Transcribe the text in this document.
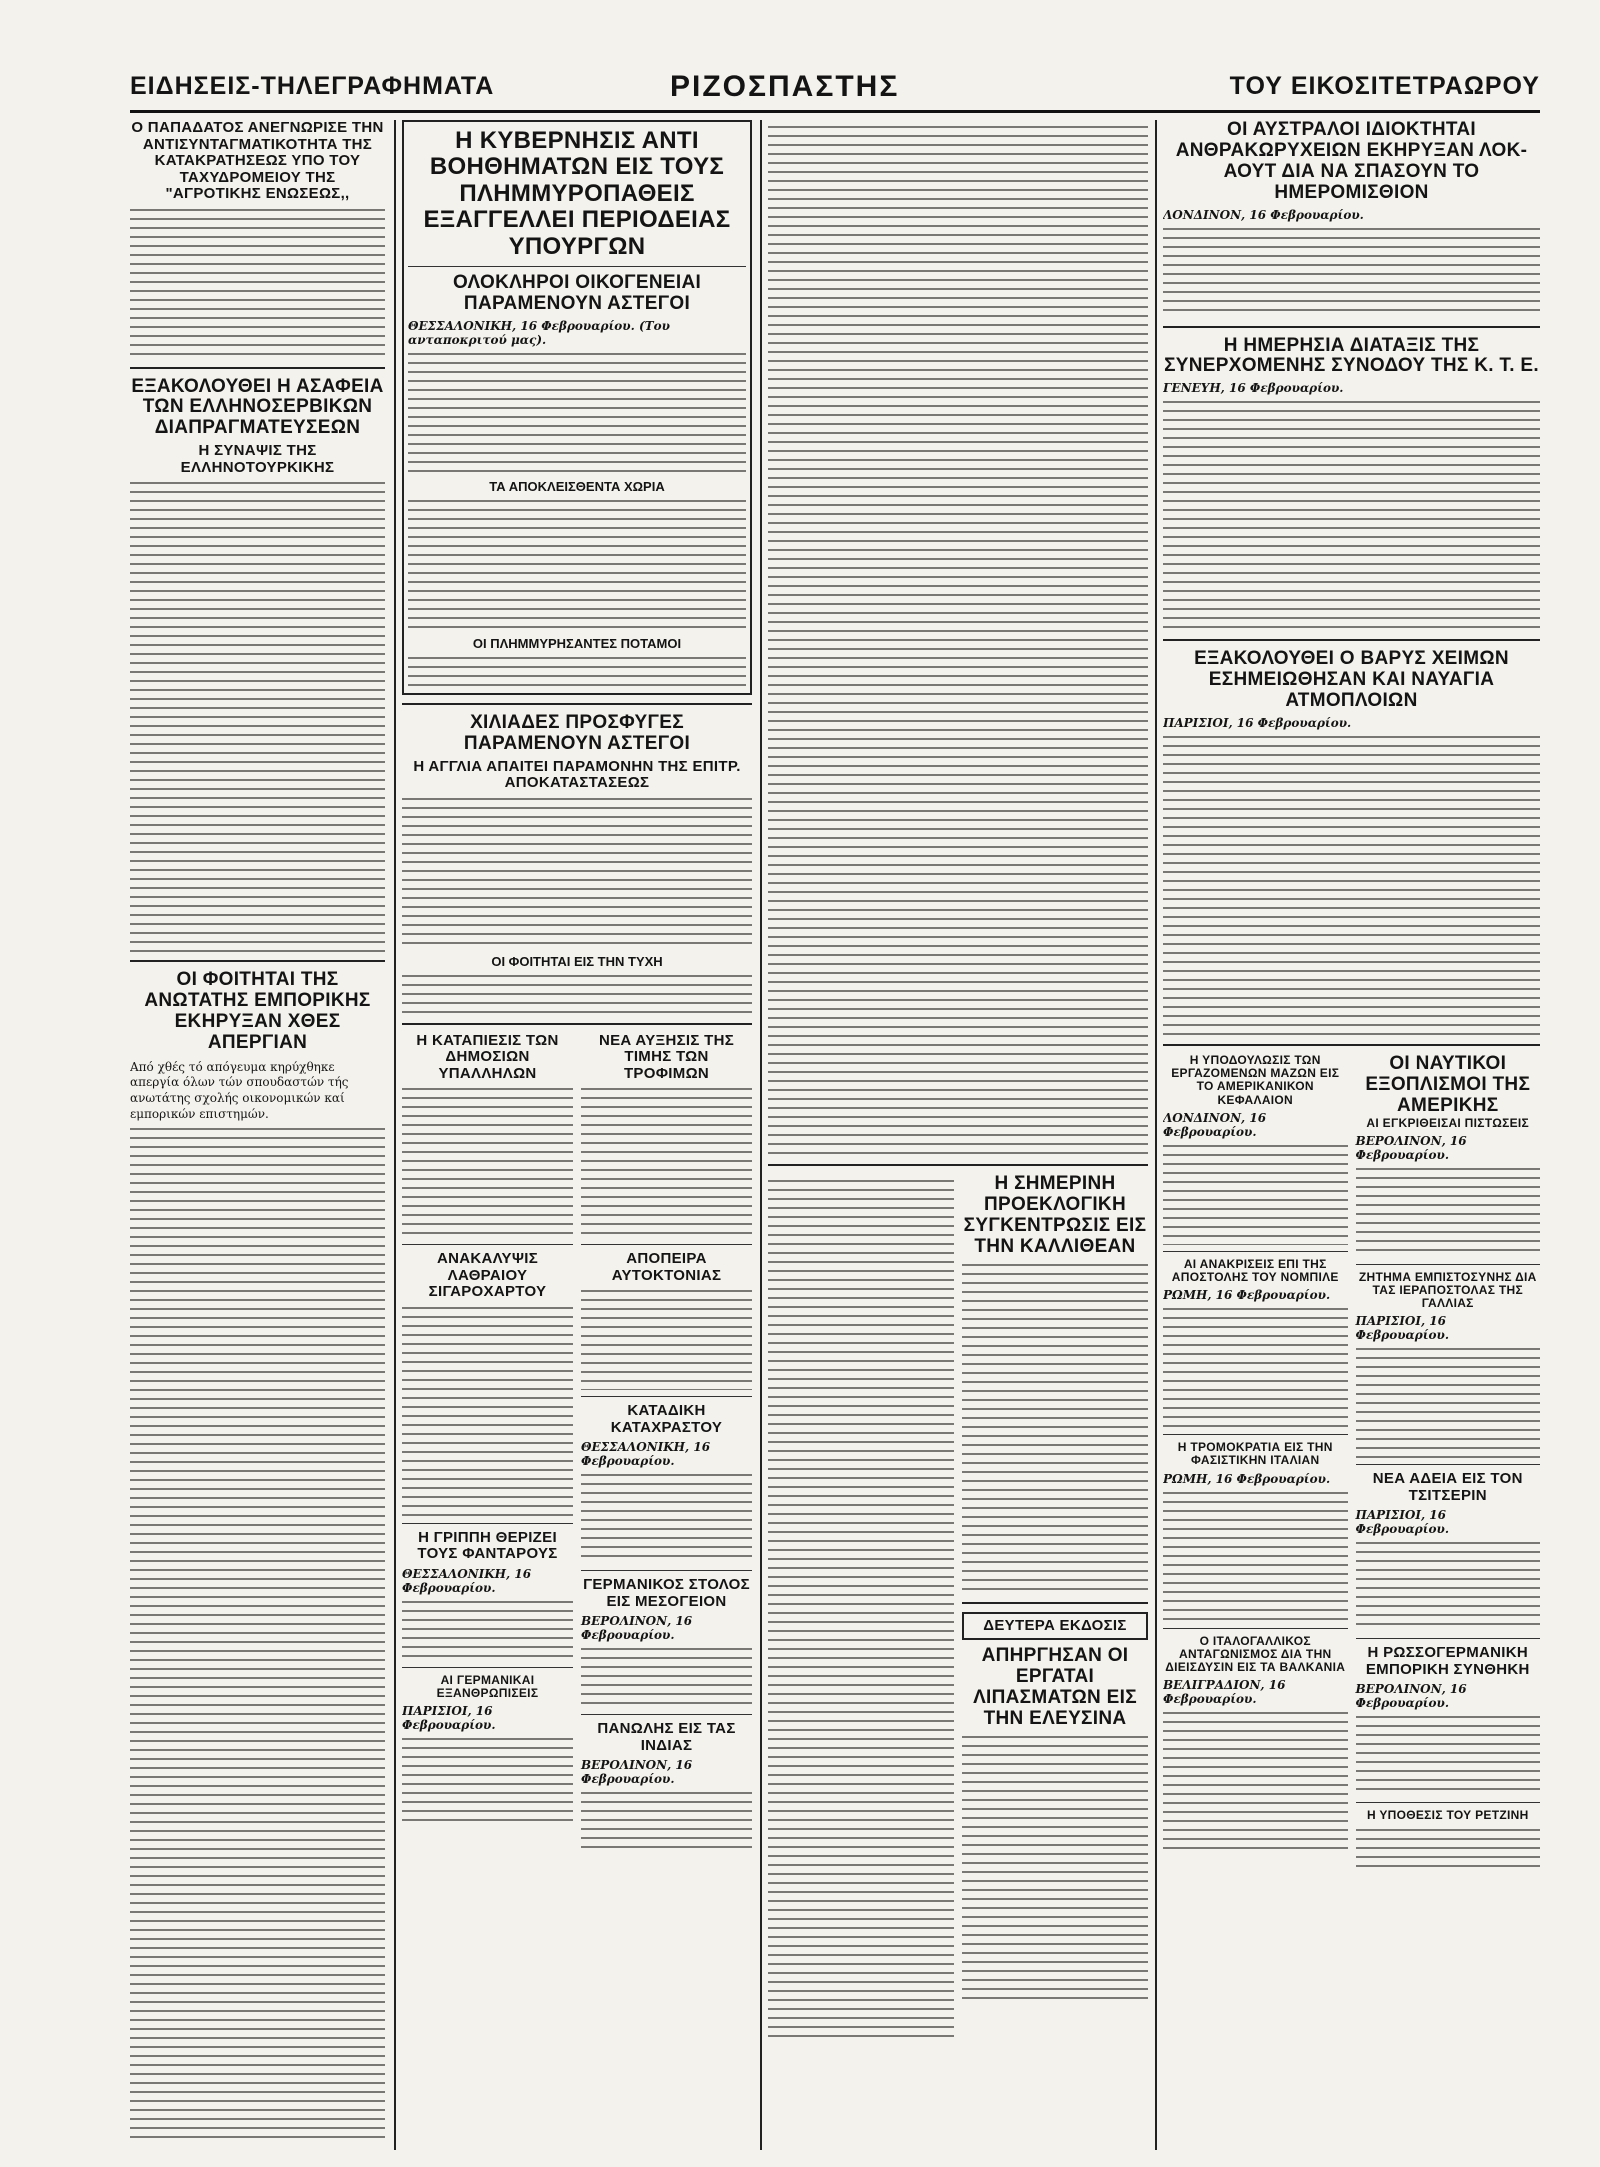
ΕΙΔΗΣΕΙΣ-ΤΗΛΕΓΡΑΦΗΜΑΤΑ	ΡΙΖΟΣΠΑΣΤΗΣ	ΤΟΥ ΕΙΚΟΣΙΤΕΤΡΑΩΡΟΥ

Ο ΠΑΠΑΔΑΤΟΣ ΑΝΕΓΝΩΡΙΣΕ ΤΗΝ ΑΝΤΙΣΥΝΤΑΓΜΑΤΙΚΟΤΗΤΑ ΤΗΣ ΚΑΤΑΚΡΑΤΗΣΕΩΣ ΥΠΟ ΤΟΥ ΤΑΧΥΔΡΟΜΕΙΟΥ ΤΗΣ "ΑΓΡΟΤΙΚΗΣ ΕΝΩΣΕΩΣ,,

ΕΞΑΚΟΛΟΥΘΕΙ Η ΑΣΑΦΕΙΑ ΤΩΝ ΕΛΛΗΝΟΣΕΡΒΙΚΩΝ ΔΙΑΠΡΑΓΜΑΤΕΥΣΕΩΝ

Η ΣΥΝΑΨΙΣ ΤΗΣ ΕΛΛΗΝΟΤΟΥΡΚΙΚΗΣ

ΟΙ ΦΟΙΤΗΤΑΙ ΤΗΣ ΑΝΩΤΑΤΗΣ ΕΜΠΟΡΙΚΗΣ ΕΚΗΡΥΞΑΝ ΧΘΕΣ ΑΠΕΡΓΙΑΝ

Από χθές τό απόγευμα κηρύχθηκε απεργία όλων τών σπουδαστών τής ανωτάτης σχολής οικονομικών καί εμπορικών επιστημών.

Η ΚΥΒΕΡΝΗΣΙΣ ΑΝΤΙ ΒΟΗΘΗΜΑΤΩΝ ΕΙΣ ΤΟΥΣ ΠΛΗΜΜΥΡΟΠΑΘΕΙΣ ΕΞΑΓΓΕΛΛΕΙ ΠΕΡΙΟΔΕΙΑΣ ΥΠΟΥΡΓΩΝ

ΟΛΟΚΛΗΡΟΙ ΟΙΚΟΓΕΝΕΙΑΙ ΠΑΡΑΜΕΝΟΥΝ ΑΣΤΕΓΟΙ

ΘΕΣΣΑΛΟΝΙΚΗ, 16 Φεβρουαρίου. (Του ανταποκριτού μας).
ΤΑ ΑΠΟΚΛΕΙΣΘΕΝΤΑ ΧΩΡΙΑ
ΟΙ ΠΛΗΜΜΥΡΗΣΑΝΤΕΣ ΠΟΤΑΜΟΙ

ΧΙΛΙΑΔΕΣ ΠΡΟΣΦΥΓΕΣ ΠΑΡΑΜΕΝΟΥΝ ΑΣΤΕΓΟΙ

Η ΑΓΓΛΙΑ ΑΠΑΙΤΕΙ ΠΑΡΑΜΟΝΗΝ ΤΗΣ ΕΠΙΤΡ. ΑΠΟΚΑΤΑΣΤΑΣΕΩΣ

ΟΙ ΦΟΙΤΗΤΑΙ ΕΙΣ ΤΗΝ ΤΥΧΗ

Η ΚΑΤΑΠΙΕΣΙΣ ΤΩΝ ΔΗΜΟΣΙΩΝ ΥΠΑΛΛΗΛΩΝ

ΑΝΑΚΑΛΥΨΙΣ ΛΑΘΡΑΙΟΥ ΣΙΓΑΡΟΧΑΡΤΟΥ

Η ΓΡΙΠΠΗ ΘΕΡΙΖΕΙ ΤΟΥΣ ΦΑΝΤΑΡΟΥΣ

ΘΕΣΣΑΛΟΝΙΚΗ, 16 Φεβρουαρίου.

ΑΙ ΓΕΡΜΑΝΙΚΑΙ ΕΞΑΝΘΡΩΠΙΣΕΙΣ

ΠΑΡΙΣΙΟΙ, 16 Φεβρουαρίου.

ΝΕΑ ΑΥΞΗΣΙΣ ΤΗΣ ΤΙΜΗΣ ΤΩΝ ΤΡΟΦΙΜΩΝ

ΑΠΟΠΕΙΡΑ ΑΥΤΟΚΤΟΝΙΑΣ

ΚΑΤΑΔΙΚΗ ΚΑΤΑΧΡΑΣΤΟΥ

ΘΕΣΣΑΛΟΝΙΚΗ, 16 Φεβρουαρίου.

ΓΕΡΜΑΝΙΚΟΣ ΣΤΟΛΟΣ ΕΙΣ ΜΕΣΟΓΕΙΟΝ

ΒΕΡΟΛΙΝΟΝ, 16 Φεβρουαρίου.

ΠΑΝΩΛΗΣ ΕΙΣ ΤΑΣ ΙΝΔΙΑΣ

ΒΕΡΟΛΙΝΟΝ, 16 Φεβρουαρίου.

Η ΣΗΜΕΡΙΝΗ ΠΡΟΕΚΛΟΓΙΚΗ ΣΥΓΚΕΝΤΡΩΣΙΣ ΕΙΣ ΤΗΝ ΚΑΛΛΙΘΕΑΝ

ΔΕΥΤΕΡΑ ΕΚΔΟΣΙΣ

ΑΠΗΡΓΗΣΑΝ ΟΙ ΕΡΓΑΤΑΙ ΛΙΠΑΣΜΑΤΩΝ ΕΙΣ ΤΗΝ ΕΛΕΥΣΙΝΑ

ΟΙ ΑΥΣΤΡΑΛΟΙ ΙΔΙΟΚΤΗΤΑΙ ΑΝΘΡΑΚΩΡΥΧΕΙΩΝ ΕΚΗΡΥΞΑΝ ΛΟΚ-ΑΟΥΤ ΔΙΑ ΝΑ ΣΠΑΣΟΥΝ ΤΟ ΗΜΕΡΟΜΙΣΘΙΟΝ

ΛΟΝΔΙΝΟΝ, 16 Φεβρουαρίου.

Η ΗΜΕΡΗΣΙΑ ΔΙΑΤΑΞΙΣ ΤΗΣ ΣΥΝΕΡΧΟΜΕΝΗΣ ΣΥΝΟΔΟΥ ΤΗΣ Κ. Τ. Ε.

ΓΕΝΕΥΗ, 16 Φεβρουαρίου.

ΕΞΑΚΟΛΟΥΘΕΙ Ο ΒΑΡΥΣ ΧΕΙΜΩΝ ΕΣΗΜΕΙΩΘΗΣΑΝ ΚΑΙ ΝΑΥΑΓΙΑ ΑΤΜΟΠΛΟΙΩΝ

ΠΑΡΙΣΙΟΙ, 16 Φεβρουαρίου.

Η ΥΠΟΔΟΥΛΩΣΙΣ ΤΩΝ ΕΡΓΑΖΟΜΕΝΩΝ ΜΑΖΩΝ ΕΙΣ ΤΟ ΑΜΕΡΙΚΑΝΙΚΟΝ ΚΕΦΑΛΑΙΟΝ

ΛΟΝΔΙΝΟΝ, 16 Φεβρουαρίου.

ΑΙ ΑΝΑΚΡΙΣΕΙΣ ΕΠΙ ΤΗΣ ΑΠΟΣΤΟΛΗΣ ΤΟΥ ΝΟΜΠΙΛΕ

ΡΩΜΗ, 16 Φεβρουαρίου.

Η ΤΡΟΜΟΚΡΑΤΙΑ ΕΙΣ ΤΗΝ ΦΑΣΙΣΤΙΚΗΝ ΙΤΑΛΙΑΝ

ΡΩΜΗ, 16 Φεβρουαρίου.

Ο ΙΤΑΛΟΓΑΛΛΙΚΟΣ ΑΝΤΑΓΩΝΙΣΜΟΣ ΔΙΑ ΤΗΝ ΔΙΕΙΣΔΥΣΙΝ ΕΙΣ ΤΑ ΒΑΛΚΑΝΙΑ

ΒΕΛΙΓΡΑΔΙΟΝ, 16 Φεβρουαρίου.

ΟΙ ΝΑΥΤΙΚΟΙ ΕΞΟΠΛΙΣΜΟΙ ΤΗΣ ΑΜΕΡΙΚΗΣ

ΑΙ ΕΓΚΡΙΘΕΙΣΑΙ ΠΙΣΤΩΣΕΙΣ

ΒΕΡΟΛΙΝΟΝ, 16 Φεβρουαρίου.

ΖΗΤΗΜΑ ΕΜΠΙΣΤΟΣΥΝΗΣ ΔΙΑ ΤΑΣ ΙΕΡΑΠΟΣΤΟΛΑΣ ΤΗΣ ΓΑΛΛΙΑΣ

ΠΑΡΙΣΙΟΙ, 16 Φεβρουαρίου.

ΝΕΑ ΑΔΕΙΑ ΕΙΣ ΤΟΝ ΤΣΙΤΣΕΡΙΝ

ΠΑΡΙΣΙΟΙ, 16 Φεβρουαρίου.

Η ΡΩΣΣΟΓΕΡΜΑΝΙΚΗ ΕΜΠΟΡΙΚΗ ΣΥΝΘΗΚΗ

ΒΕΡΟΛΙΝΟΝ, 16 Φεβρουαρίου.

Η ΥΠΟΘΕΣΙΣ ΤΟΥ ΡΕΤΖΙΝΗ
